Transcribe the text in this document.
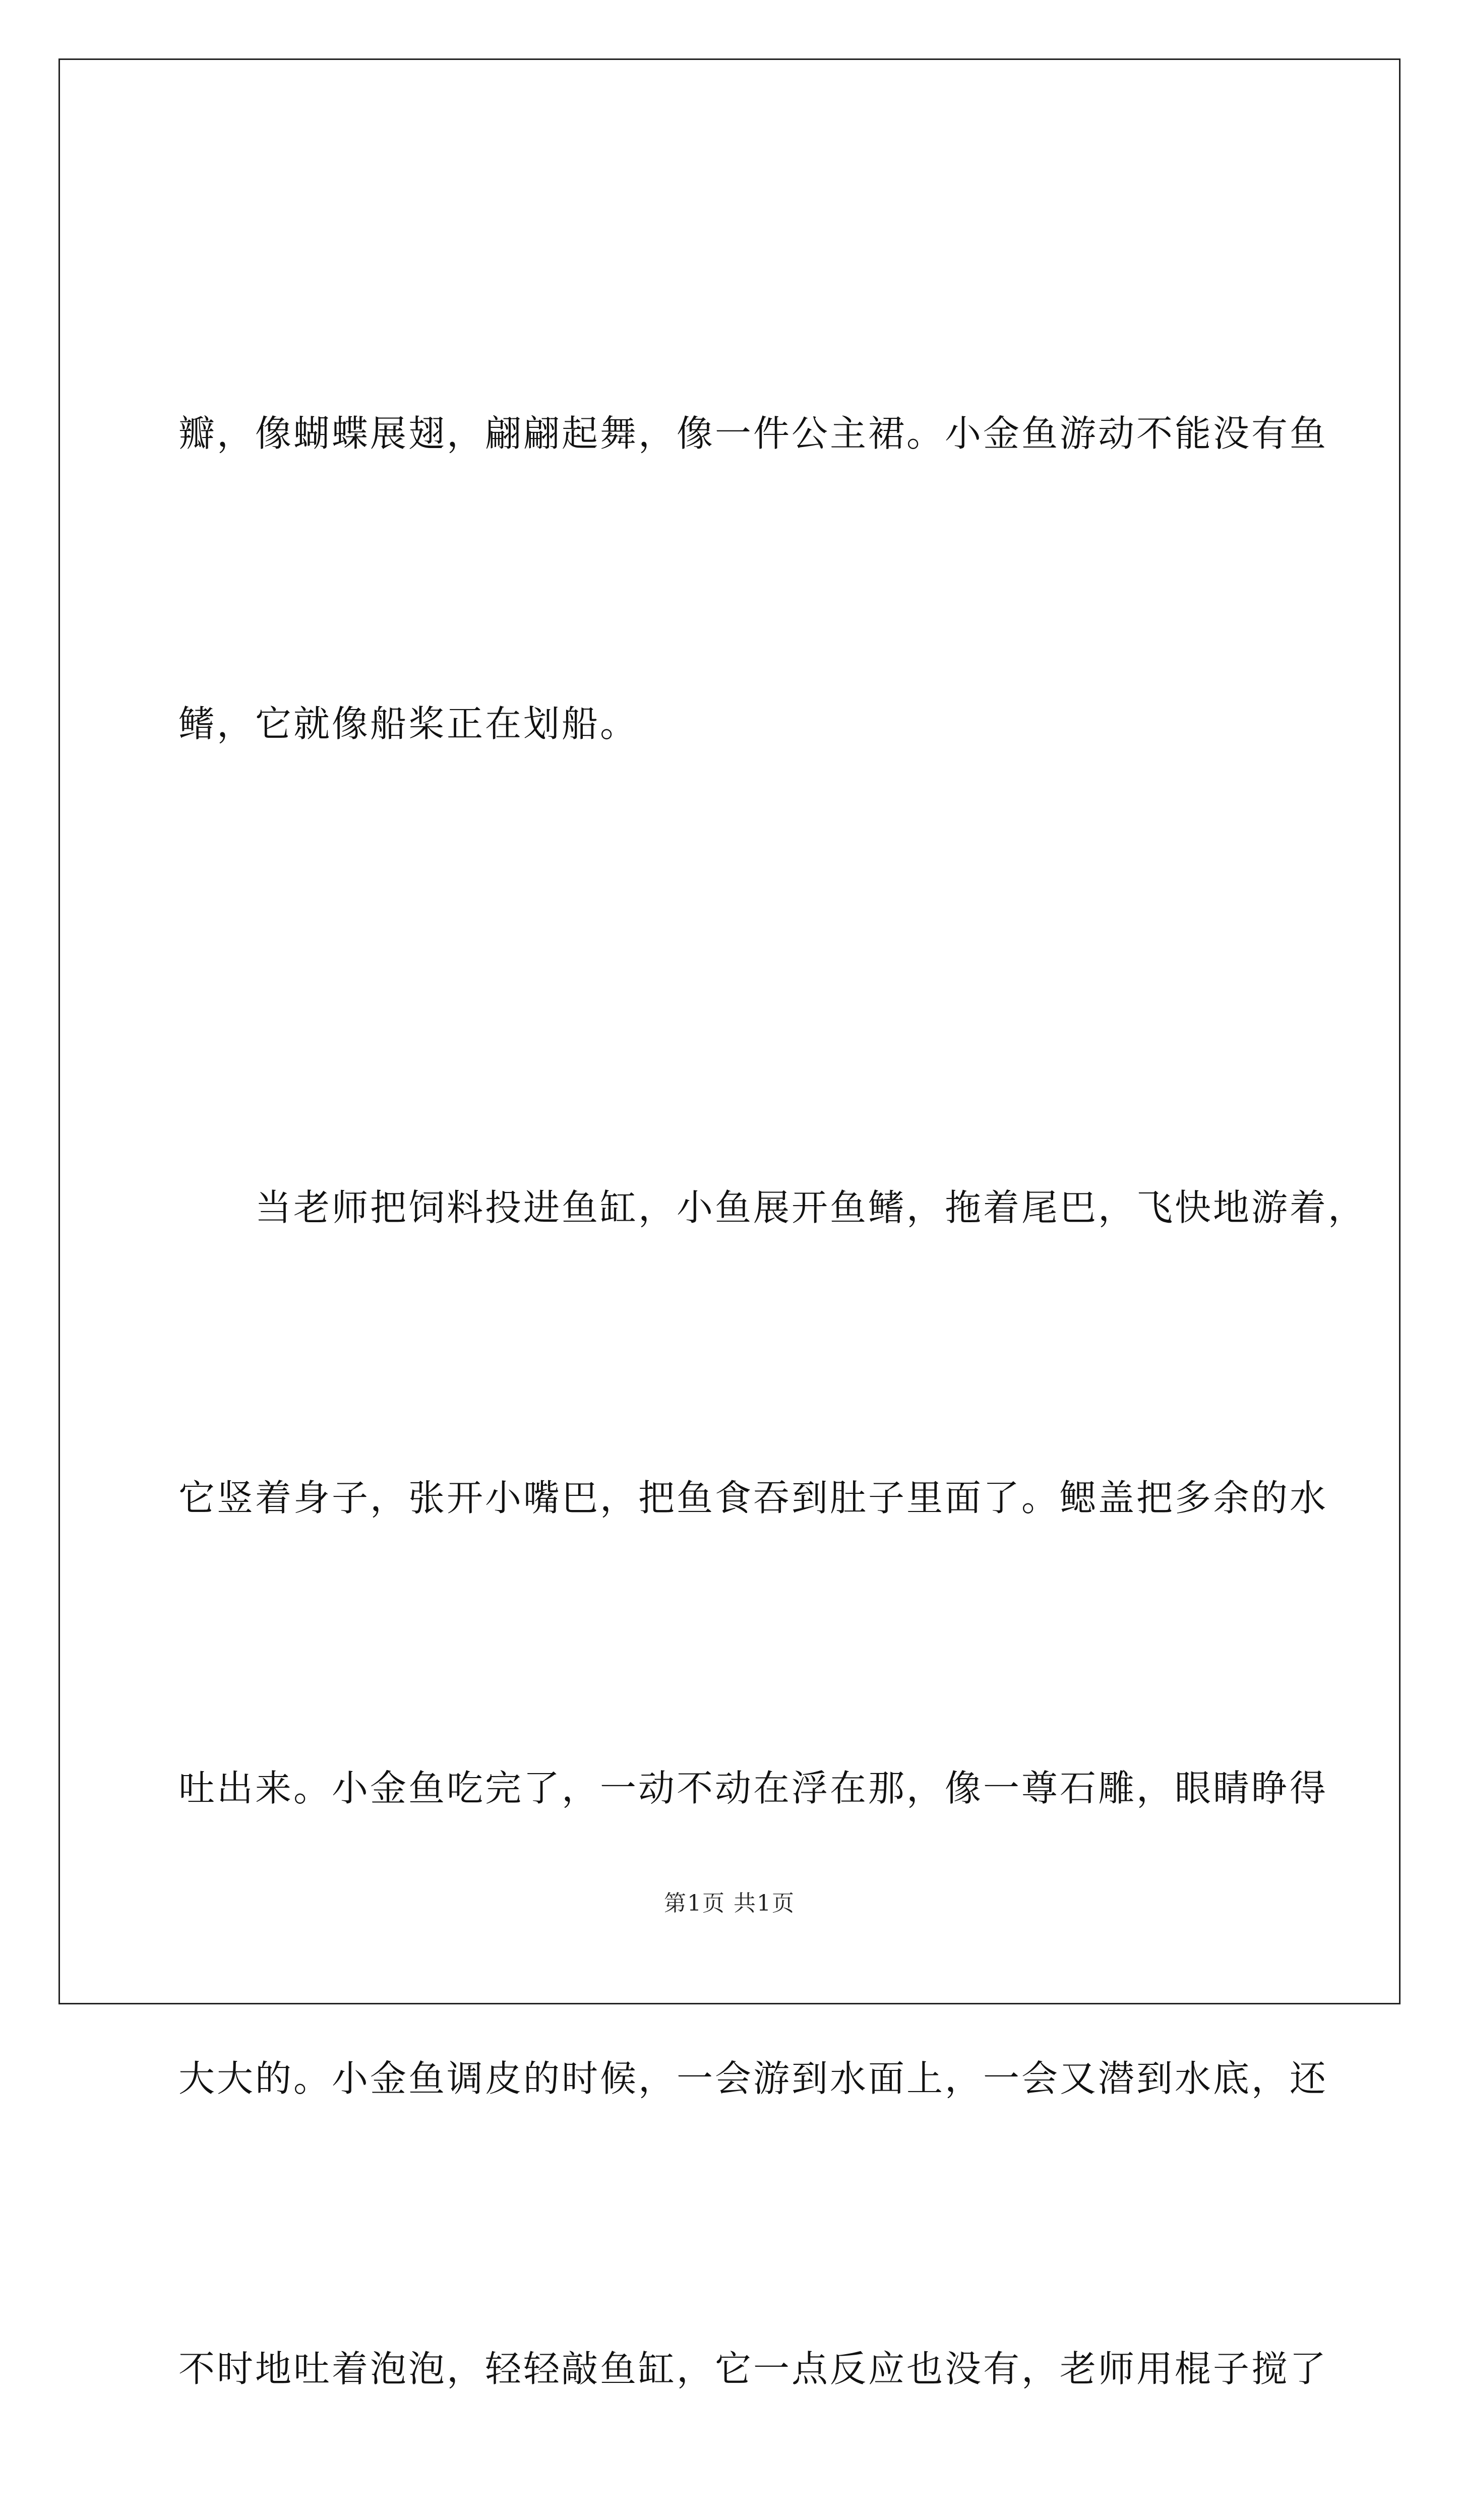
瓣，像蝴蝶展翅，翩翩起舞，像一件公主裙。小金鱼游动不能没有鱼

鳍，它就像船桨正在划船。

当老师把饲料投进鱼缸，小鱼展开鱼鳍，拖着尾巴，飞快地游着，

它竖着身子，张开小嘴巴，把鱼食吞到肚子里面了。鳃盖把多余的水

吐出来。小金鱼吃完了，一动不动在浮在那，像一尊石雕，眼睛睁得

大大的。小金鱼调皮的时候，一会游到水面上，一会又潜到水底，还

不时地吐着泡泡，轻轻敲鱼缸，它一点反应也没有，老师用棍子搅了

第1页 共1页
